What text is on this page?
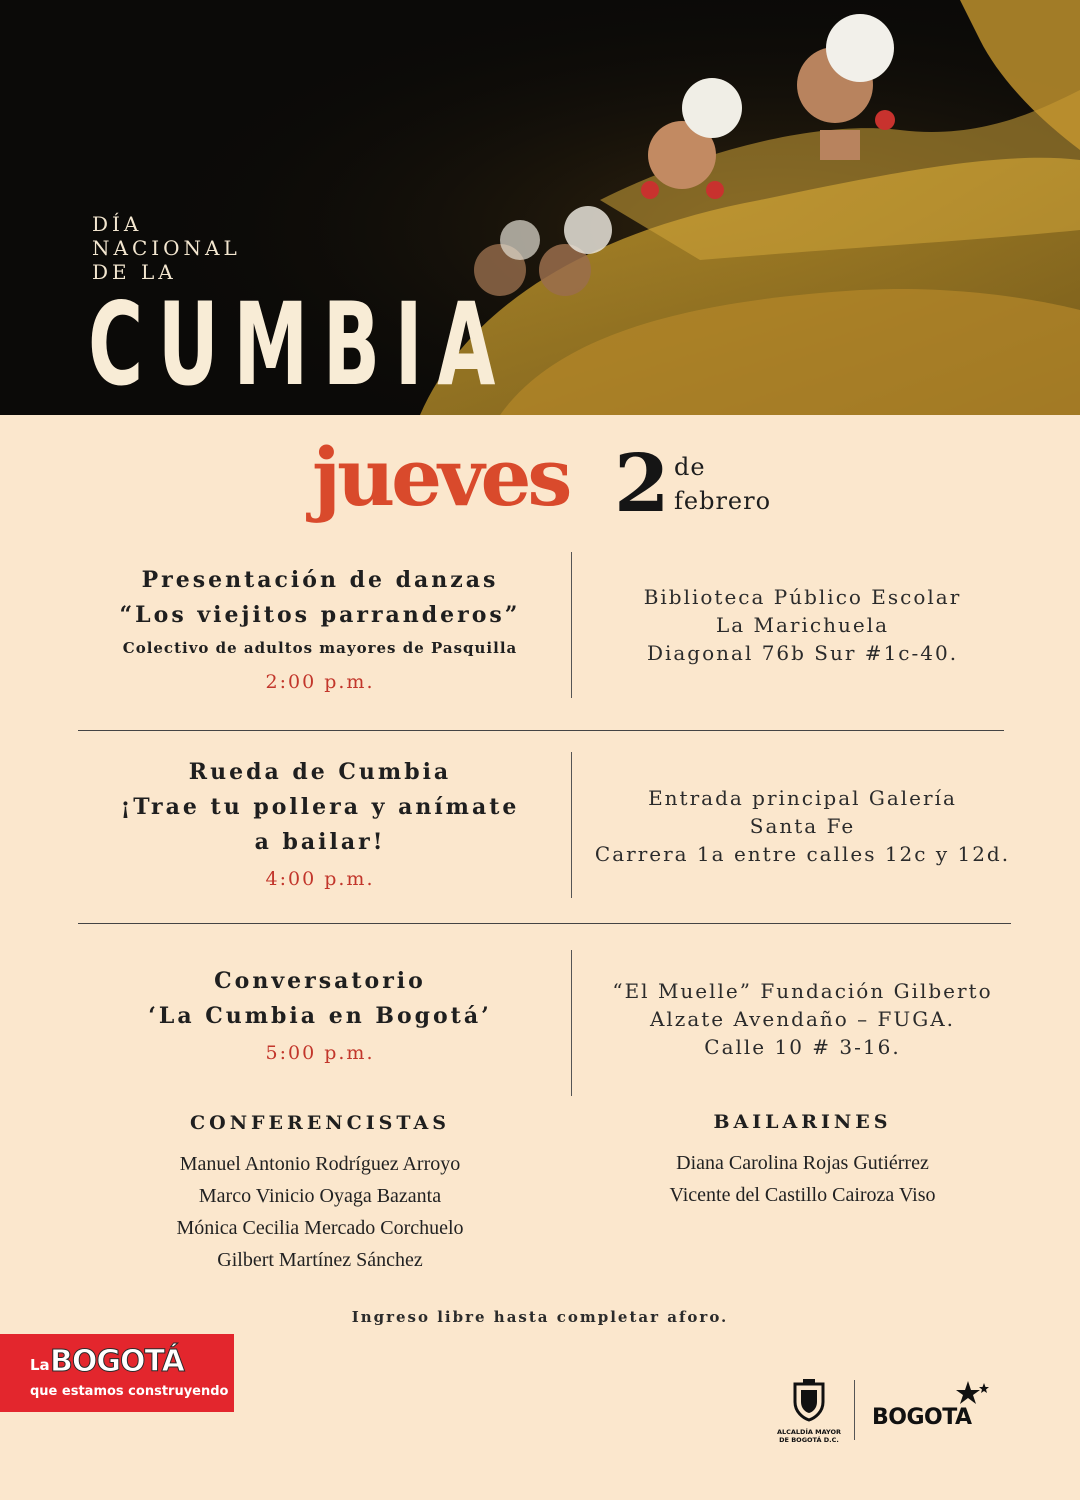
DÍA
NACIONAL
DE LA
CUMBIA
jueves 2 de
febrero
Presentación de danzas
“Los viejitos parranderos”
Colectivo de adultos mayores de Pasquilla
2:00 p.m.
Biblioteca Público Escolar
La Marichuela
Diagonal 76b Sur #1c-40.
Rueda de Cumbia
¡Trae tu pollera y anímate
a bailar!
4:00 p.m.
Entrada principal Galería
Santa Fe
Carrera 1a entre calles 12c y 12d.
Conversatorio
‘La Cumbia en Bogotá’
5:00 p.m.
“El Muelle” Fundación Gilberto
Alzate Avendaño – FUGA.
Calle 10 # 3-16.
CONFERENCISTAS
Manuel Antonio Rodríguez Arroyo
Marco Vinicio Oyaga Bazanta
Mónica Cecilia Mercado Corchuelo
Gilbert Martínez Sánchez
BAILARINES
Diana Carolina Rojas Gutiérrez
Vicente del Castillo Cairoza Viso
Ingreso libre hasta completar aforo.
La BOGOTÁ
que estamos construyendo
ALCALDÍA MAYOR
DE BOGOTÁ D.C.
BOGOTA
